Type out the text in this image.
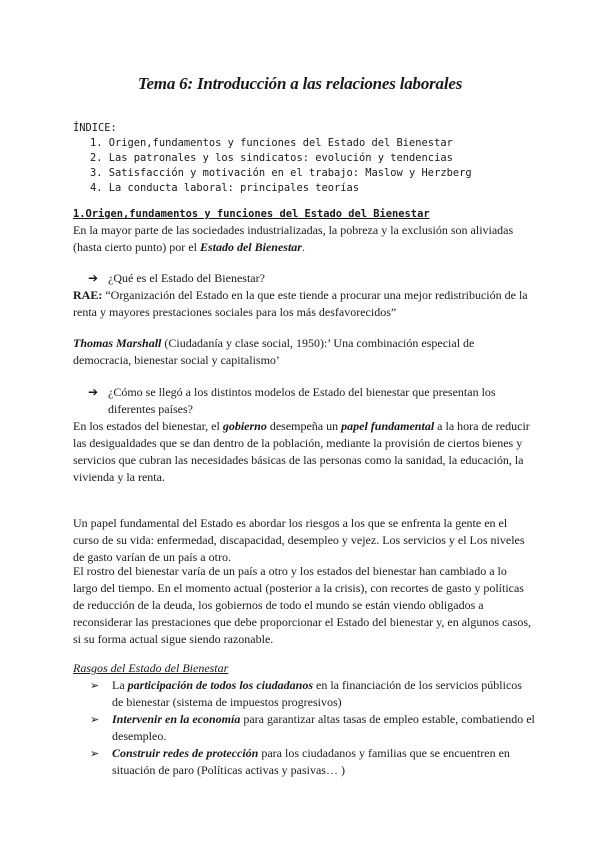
Tema 6: Introducción a las relaciones laborales
ÍNDICE:
1. Origen,fundamentos y funciones del Estado del Bienestar
2. Las patronales y los sindicatos: evolución y tendencias
3. Satisfacción y motivación en el trabajo: Maslow y Herzberg
4. La conducta laboral: principales teorías
1.Origen,fundamentos y funciones del Estado del Bienestar
En la mayor parte de las sociedades industrializadas, la pobreza y la exclusión son aliviadas (hasta cierto punto) por el Estado del Bienestar.
➔ ¿Qué es el Estado del Bienestar?
RAE: “Organización del Estado en la que este tiende a procurar una mejor redistribución de la renta y mayores prestaciones sociales para los más desfavorecidos”
Thomas Marshall (Ciudadanía y clase social, 1950):’ Una combinación especial de democracia, bienestar social y capitalismo’
➔ ¿Cómo se llegó a los distintos modelos de Estado del bienestar que presentan los diferentes países?
En los estados del bienestar, el gobierno desempeña un papel fundamental a la hora de reducir las desigualdades que se dan dentro de la población, mediante la provisión de ciertos bienes y servicios que cubran las necesidades básicas de las personas como la sanidad, la educación, la vivienda y la renta.
Un papel fundamental del Estado es abordar los riesgos a los que se enfrenta la gente en el curso de su vida: enfermedad, discapacidad, desempleo y vejez. Los servicios y el Los niveles de gasto varían de un país a otro.
El rostro del bienestar varía de un país a otro y los estados del bienestar han cambiado a lo largo del tiempo. En el momento actual (posterior a la crisis), con recortes de gasto y políticas de reducción de la deuda, los gobiernos de todo el mundo se están viendo obligados a reconsiderar las prestaciones que debe proporcionar el Estado del bienestar y, en algunos casos, si su forma actual sigue siendo razonable.
Rasgos del Estado del Bienestar
➢ La participación de todos los ciudadanos en la financiación de los servicios públicos de bienestar (sistema de impuestos progresivos)
➢ Intervenir en la economía para garantizar altas tasas de empleo estable, combatiendo el desempleo.
➢ Construir redes de protección para los ciudadanos y familias que se encuentren en situación de paro (Políticas activas y pasivas… )
